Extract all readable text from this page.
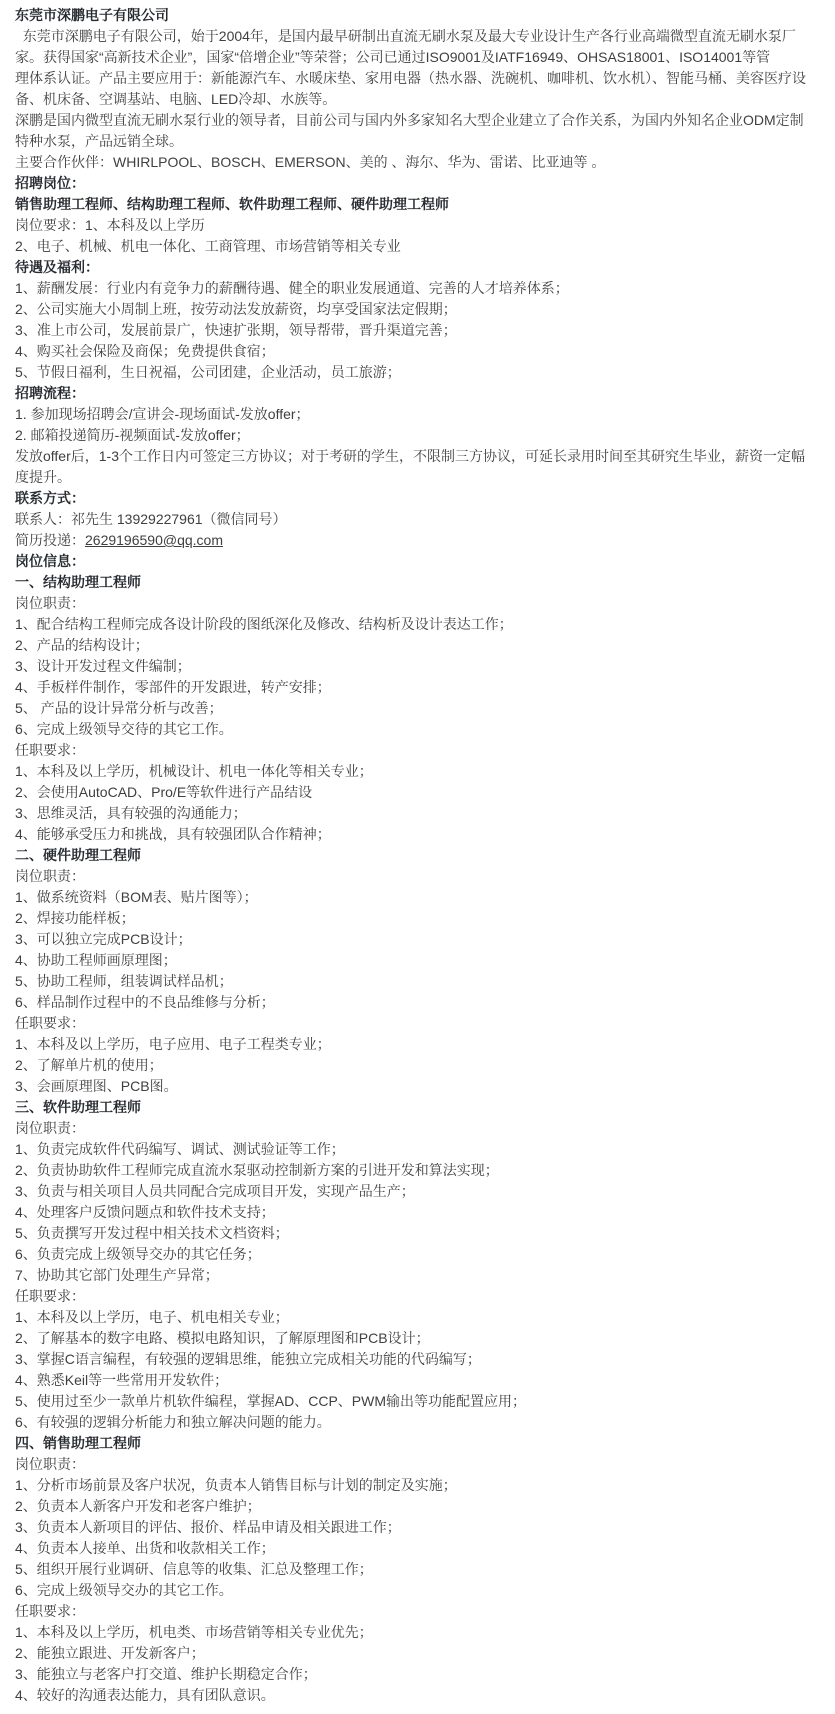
东莞市深鹏电子有限公司
东莞市深鹏电子有限公司，始于2004年，是国内最早研制出直流无刷水泵及最大专业设计生产各行业高端微型直流无刷水泵厂
家。获得国家“高新技术企业”，国家“倍增企业”等荣誉；公司已通过ISO9001及IATF16949、OHSAS18001、ISO14001等管
理体系认证。产品主要应用于：新能源汽车、水暖床垫、家用电器（热水器、洗碗机、咖啡机、饮水机）、智能马桶、美容医疗设
备、机床备、空调基站、电脑、LED冷却、水族等。
深鹏是国内微型直流无刷水泵行业的领导者，目前公司与国内外多家知名大型企业建立了合作关系，为国内外知名企业ODM定制
特种水泵，产品远销全球。
主要合作伙伴：WHIRLPOOL、BOSCH、EMERSON、美的 、海尔、华为、雷诺、比亚迪等 。
招聘岗位：
销售助理工程师、结构助理工程师、软件助理工程师、硬件助理工程师
岗位要求：1、本科及以上学历
2、电子、机械、机电一体化、工商管理、市场营销等相关专业
待遇及福利：
1、薪酬发展：行业内有竞争力的薪酬待遇、健全的职业发展通道、完善的人才培养体系；
2、公司实施大小周制上班，按劳动法发放薪资，均享受国家法定假期；
3、准上市公司，发展前景广，快速扩张期，领导帮带，晋升渠道完善；
4、购买社会保险及商保；免费提供食宿；
5、节假日福利，生日祝福，公司团建，企业活动，员工旅游；
招聘流程：
1. 参加现场招聘会/宣讲会-现场面试-发放offer；
2. 邮箱投递简历-视频面试-发放offer；
发放offer后，1-3个工作日内可签定三方协议；对于考研的学生，不限制三方协议，可延长录用时间至其研究生毕业，薪资一定幅
度提升。
联系方式：
联系人：祁先生 13929227961（微信同号）
简历投递：2629196590@qq.com
岗位信息：
一、结构助理工程师
岗位职责：
1、配合结构工程师完成各设计阶段的图纸深化及修改、结构析及设计表达工作；
2、产品的结构设计；
3、设计开发过程文件编制；
4、手板样件制作，零部件的开发跟进，转产安排；
5、 产品的设计异常分析与改善；
6、完成上级领导交待的其它工作。
任职要求：
1、本科及以上学历，机械设计、机电一体化等相关专业；
2、会使用AutoCAD、Pro/E等软件进行产品结设
3、思维灵活，具有较强的沟通能力；
4、能够承受压力和挑战，具有较强团队合作精神；
二、硬件助理工程师
岗位职责：
1、做系统资料（BOM表、贴片图等）；
2、焊接功能样板；
3、可以独立完成PCB设计；
4、协助工程师画原理图；
5、协助工程师，组装调试样品机；
6、样品制作过程中的不良品维修与分析；
任职要求：
1、本科及以上学历，电子应用、电子工程类专业；
2、了解单片机的使用；
3、会画原理图、PCB图。
三、软件助理工程师
岗位职责：
1、负责完成软件代码编写、调试、测试验证等工作；
2、负责协助软件工程师完成直流水泵驱动控制新方案的引进开发和算法实现；
3、负责与相关项目人员共同配合完成项目开发，实现产品生产；
4、处理客户反馈问题点和软件技术支持；
5、负责撰写开发过程中相关技术文档资料；
6、负责完成上级领导交办的其它任务；
7、协助其它部门处理生产异常；
任职要求：
1、本科及以上学历，电子、机电相关专业；
2、了解基本的数字电路、模拟电路知识，了解原理图和PCB设计；
3、掌握C语言编程，有较强的逻辑思维，能独立完成相关功能的代码编写；
4、熟悉Keil等一些常用开发软件；
5、使用过至少一款单片机软件编程，掌握AD、CCP、PWM输出等功能配置应用；
6、有较强的逻辑分析能力和独立解决问题的能力。
四、销售助理工程师
岗位职责：
1、分析市场前景及客户状况，负责本人销售目标与计划的制定及实施；
2、负责本人新客户开发和老客户维护；
3、负责本人新项目的评估、报价、样品申请及相关跟进工作；
4、负责本人接单、出货和收款相关工作；
5、组织开展行业调研、信息等的收集、汇总及整理工作；
6、完成上级领导交办的其它工作。
任职要求：
1、本科及以上学历，机电类、市场营销等相关专业优先；
2、能独立跟进、开发新客户；
3、能独立与老客户打交道、维护长期稳定合作；
4、较好的沟通表达能力，具有团队意识。
